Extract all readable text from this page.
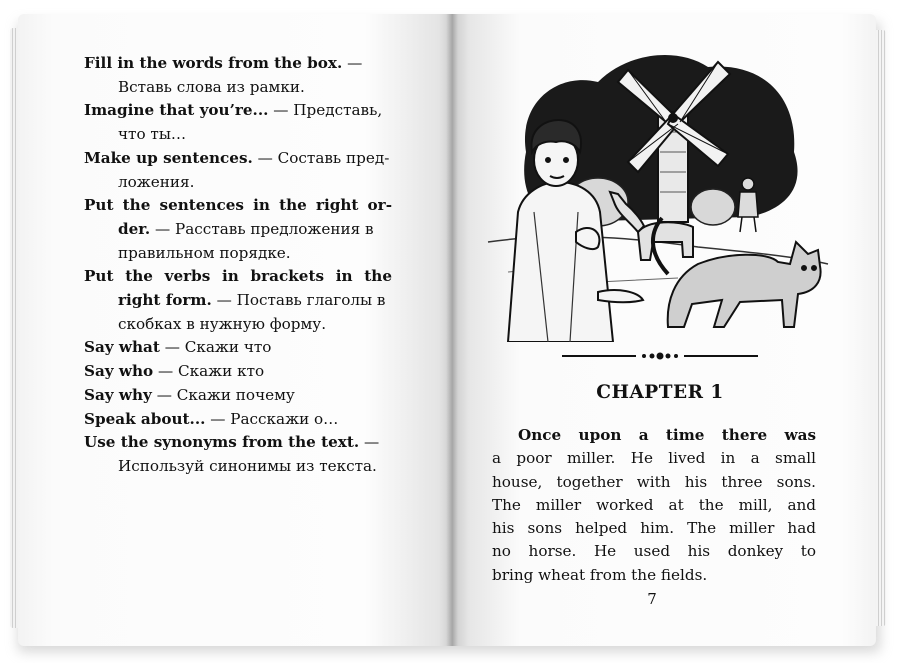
Fill in the words from the box. —
Вставь слова из рамки.

Imagine that you’re... — Представь,
что ты…

Make up sentences. — Составь пред-
ложения.

Put the sentences in the right or-
der. — Расставь предложения в
правильном порядке.

Put the verbs in brackets in the
right form. — Поставь глаголы в
скобках в нужную форму.

Say what — Скажи что

Say who — Скажи кто

Say why — Скажи почему

Speak about... — Расскажи о…

Use the synonyms from the text. —
Используй синонимы из текста.

CHAPTER 1

Once upon a time there was
a poor miller. He lived in a small
house, together with his three sons.
The miller worked at the mill, and
his sons helped him. The miller had
no horse. He used his donkey to
bring wheat from the fields.

7
